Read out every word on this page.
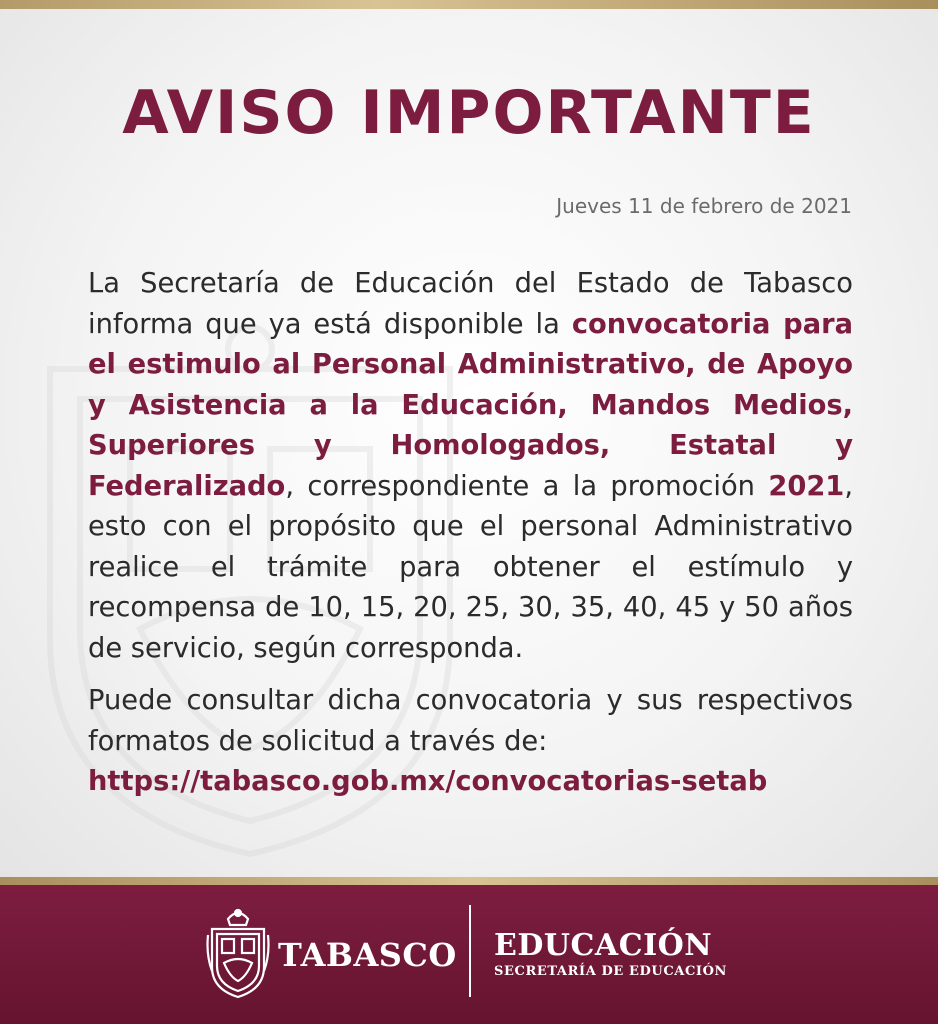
AVISO IMPORTANTE
Jueves 11 de febrero de 2021

La Secretaría de Educación del Estado de Tabasco informa que ya está disponible la convocatoria para el estimulo al Personal Administrativo, de Apoyo y Asistencia a la Educación, Mandos Medios, Superiores y Homologados, Estatal y Federalizado, correspondiente a la promoción 2021, esto con el propósito que el personal Administrativo realice el trámite para obtener el estímulo y recompensa de 10, 15, 20, 25, 30, 35, 40, 45 y 50 años de servicio, según corresponda.

Puede consultar dicha convocatoria y sus respectivos formatos de solicitud a través de:
https://tabasco.gob.mx/convocatorias-setab

TABASCO EDUCACIÓN
SECRETARÍA DE EDUCACIÓN
